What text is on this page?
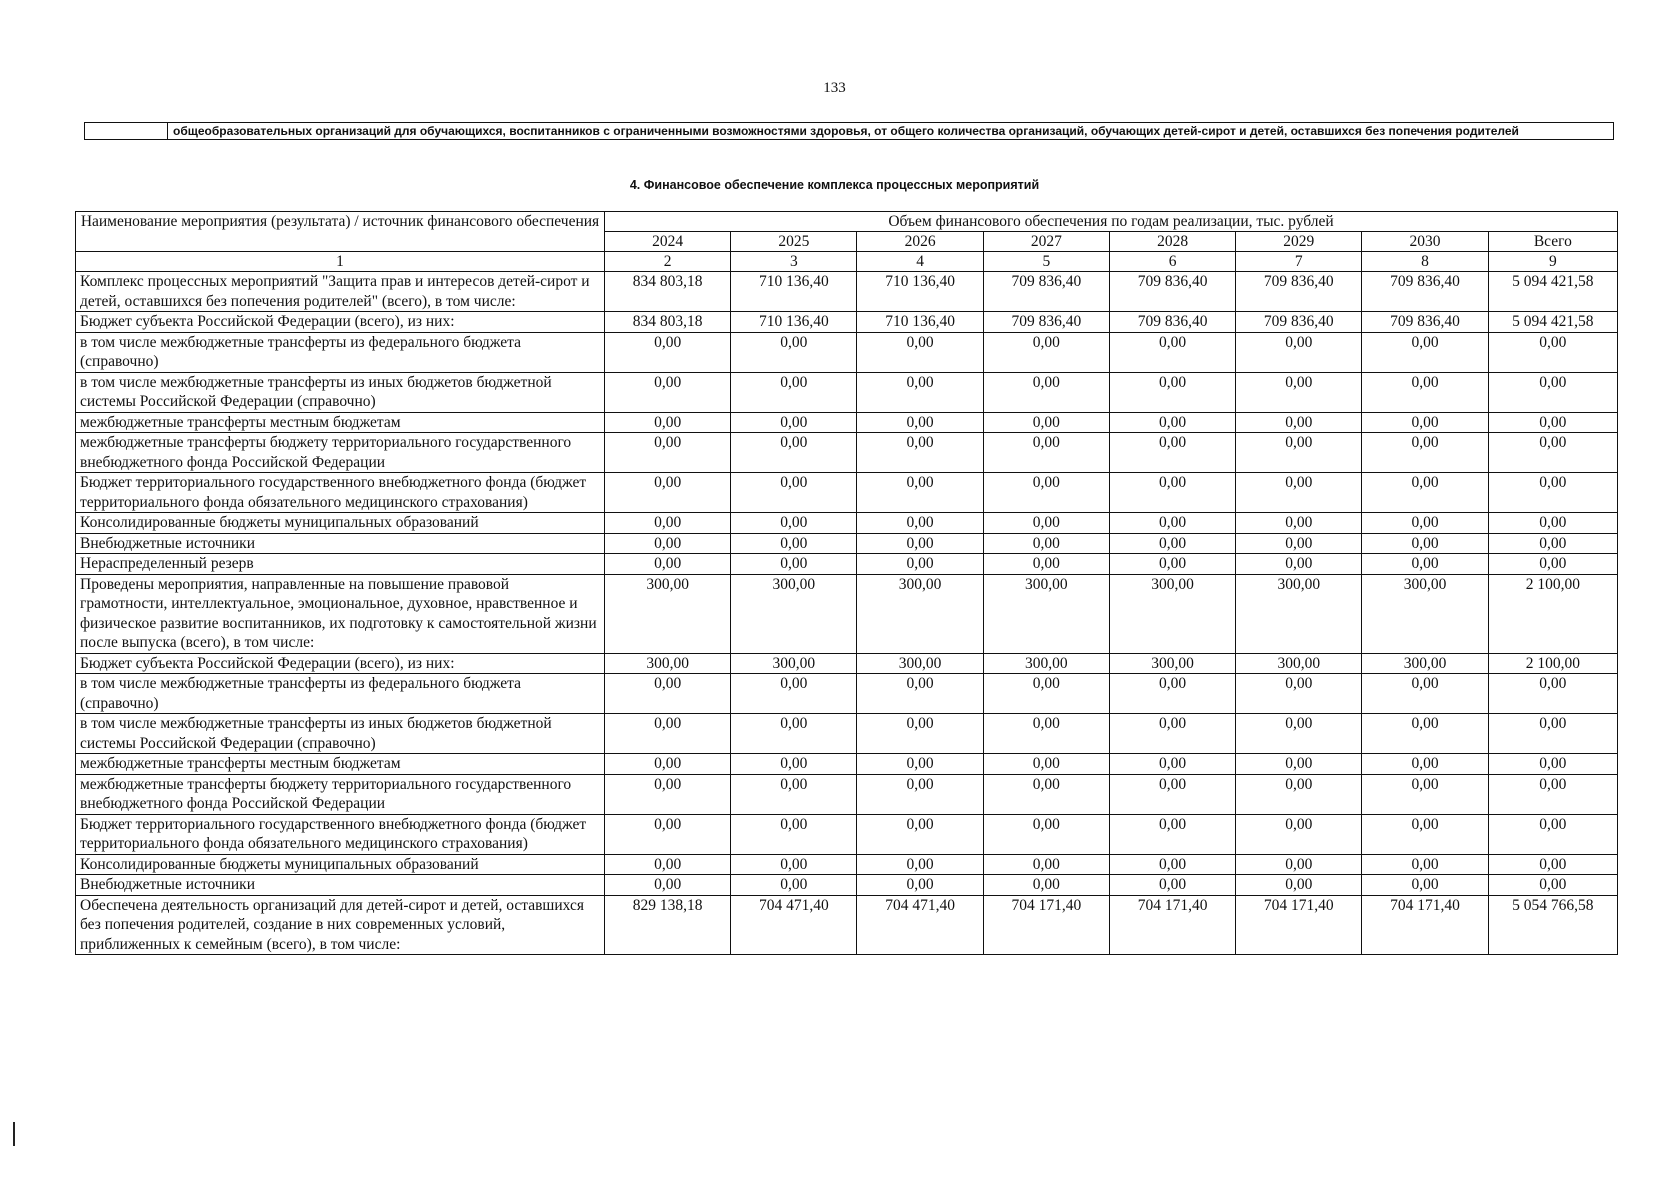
133
	общеобразовательных организаций для обучающихся, воспитанников с ограниченными возможностями здоровья, от общего количества организаций, обучающих детей-сирот и детей, оставшихся без попечения родителей
4. Финансовое обеспечение комплекса процессных мероприятий
Наименование мероприятия (результата) / источник финансового обеспечения	Объем финансового обеспечения по годам реализации, тыс. рублей							
	2024	2025	2026	2027	2028	2029	2030	Всего
1	2	3	4	5	6	7	8	9
Комплекс процессных мероприятий "Защита прав и интересов детей-сирот и детей, оставшихся без попечения родителей" (всего), в том числе:	834 803,18	710 136,40	710 136,40	709 836,40	709 836,40	709 836,40	709 836,40	5 094 421,58
Бюджет субъекта Российской Федерации (всего), из них:	834 803,18	710 136,40	710 136,40	709 836,40	709 836,40	709 836,40	709 836,40	5 094 421,58
в том числе межбюджетные трансферты из федерального бюджета (справочно)	0,00	0,00	0,00	0,00	0,00	0,00	0,00	0,00
в том числе межбюджетные трансферты из иных бюджетов бюджетной системы Российской Федерации (справочно)	0,00	0,00	0,00	0,00	0,00	0,00	0,00	0,00
межбюджетные трансферты местным бюджетам	0,00	0,00	0,00	0,00	0,00	0,00	0,00	0,00
межбюджетные трансферты бюджету территориального государственного внебюджетного фонда Российской Федерации	0,00	0,00	0,00	0,00	0,00	0,00	0,00	0,00
Бюджет территориального государственного внебюджетного фонда (бюджет территориального фонда обязательного медицинского страхования)	0,00	0,00	0,00	0,00	0,00	0,00	0,00	0,00
Консолидированные бюджеты муниципальных образований	0,00	0,00	0,00	0,00	0,00	0,00	0,00	0,00
Внебюджетные источники	0,00	0,00	0,00	0,00	0,00	0,00	0,00	0,00
Нераспределенный резерв	0,00	0,00	0,00	0,00	0,00	0,00	0,00	0,00
Проведены мероприятия, направленные на повышение правовой грамотности, интеллектуальное, эмоциональное, духовное, нравственное и физическое развитие воспитанников, их подготовку к самостоятельной жизни после выпуска (всего), в том числе:	300,00	300,00	300,00	300,00	300,00	300,00	300,00	2 100,00
Бюджет субъекта Российской Федерации (всего), из них:	300,00	300,00	300,00	300,00	300,00	300,00	300,00	2 100,00
в том числе межбюджетные трансферты из федерального бюджета (справочно)	0,00	0,00	0,00	0,00	0,00	0,00	0,00	0,00
в том числе межбюджетные трансферты из иных бюджетов бюджетной системы Российской Федерации (справочно)	0,00	0,00	0,00	0,00	0,00	0,00	0,00	0,00
межбюджетные трансферты местным бюджетам	0,00	0,00	0,00	0,00	0,00	0,00	0,00	0,00
межбюджетные трансферты бюджету территориального государственного внебюджетного фонда Российской Федерации	0,00	0,00	0,00	0,00	0,00	0,00	0,00	0,00
Бюджет территориального государственного внебюджетного фонда (бюджет территориального фонда обязательного медицинского страхования)	0,00	0,00	0,00	0,00	0,00	0,00	0,00	0,00
Консолидированные бюджеты муниципальных образований	0,00	0,00	0,00	0,00	0,00	0,00	0,00	0,00
Внебюджетные источники	0,00	0,00	0,00	0,00	0,00	0,00	0,00	0,00
Обеспечена деятельность организаций для детей-сирот и детей, оставшихся без попечения родителей, создание в них современных условий, приближенных к семейным (всего), в том числе:	829 138,18	704 471,40	704 471,40	704 171,40	704 171,40	704 171,40	704 171,40	5 054 766,58
